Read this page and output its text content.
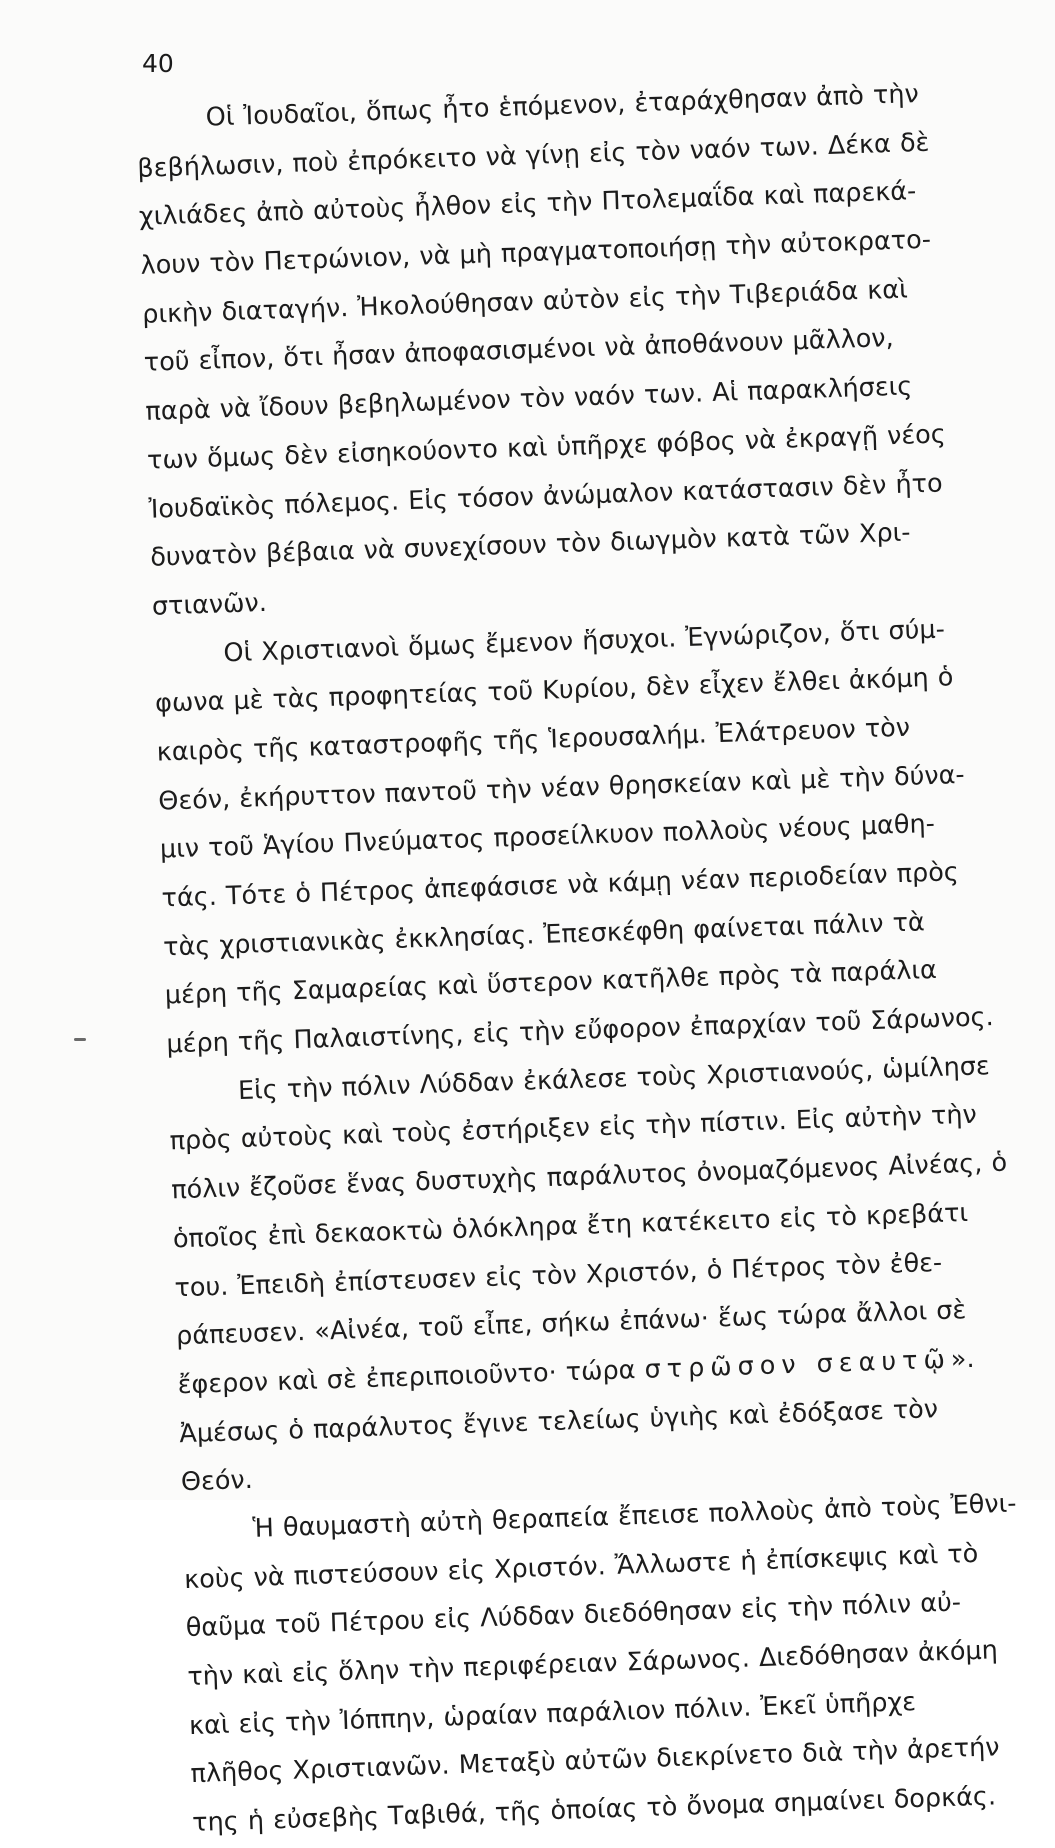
40
Οἱ Ἰουδαῖοι, ὅπως ἦτο ἑπόμενον, ἐταράχθησαν ἀπὸ τὴν
βεβήλωσιν, ποὺ ἐπρόκειτο νὰ γίνῃ εἰς τὸν ναόν των. Δέκα δὲ
χιλιάδες ἀπὸ αὐτοὺς ἦλθον εἰς τὴν Πτολεμαΐδα καὶ παρεκά-
λουν τὸν Πετρώνιον, νὰ μὴ πραγματοποιήσῃ τὴν αὐτοκρατο-
ρικὴν διαταγήν. Ἠκολούθησαν αὐτὸν εἰς τὴν Τιβεριάδα καὶ
τοῦ εἶπον, ὅτι ἦσαν ἀποφασισμένοι νὰ ἀποθάνουν μᾶλλον,
παρὰ νὰ ἴδουν βεβηλωμένον τὸν ναόν των. Αἱ παρακλήσεις
των ὅμως δὲν εἰσηκούοντο καὶ ὑπῆρχε φόβος νὰ ἐκραγῇ νέος
Ἰουδαϊκὸς πόλεμος. Εἰς τόσον ἀνώμαλον κατάστασιν δὲν ἦτο
δυνατὸν βέβαια νὰ συνεχίσουν τὸν διωγμὸν κατὰ τῶν Χρι-
στιανῶν.
Οἱ Χριστιανοὶ ὅμως ἔμενον ἥσυχοι. Ἐγνώριζον, ὅτι σύμ-
φωνα μὲ τὰς προφητείας τοῦ Κυρίου, δὲν εἶχεν ἔλθει ἀκόμη ὁ
καιρὸς τῆς καταστροφῆς τῆς Ἱερουσαλήμ. Ἐλάτρευον τὸν
Θεόν, ἐκήρυττον παντοῦ τὴν νέαν θρησκείαν καὶ μὲ τὴν δύνα-
μιν τοῦ Ἁγίου Πνεύματος προσείλκυον πολλοὺς νέους μαθη-
τάς. Τότε ὁ Πέτρος ἀπεφάσισε νὰ κάμῃ νέαν περιοδείαν πρὸς
τὰς χριστιανικὰς ἐκκλησίας. Ἐπεσκέφθη φαίνεται πάλιν τὰ
μέρη τῆς Σαμαρείας καὶ ὕστερον κατῆλθε πρὸς τὰ παράλια
μέρη τῆς Παλαιστίνης, εἰς τὴν εὔφορον ἐπαρχίαν τοῦ Σάρωνος.
Εἰς τὴν πόλιν Λύδδαν ἐκάλεσε τοὺς Χριστιανούς, ὡμίλησε
πρὸς αὐτοὺς καὶ τοὺς ἐστήριξεν εἰς τὴν πίστιν. Εἰς αὐτὴν τὴν
πόλιν ἔζοῦσε ἕνας δυστυχὴς παράλυτος ὀνομαζόμενος Αἰνέας, ὁ
ὁποῖος ἐπὶ δεκαοκτὼ ὁλόκληρα ἔτη κατέκειτο εἰς τὸ κρεβάτι
του. Ἐπειδὴ ἐπίστευσεν εἰς τὸν Χριστόν, ὁ Πέτρος τὸν ἐθε-
ράπευσεν. «Αἰνέα, τοῦ εἶπε, σήκω ἐπάνω· ἕως τώρα ἄλλοι σὲ
ἔφερον καὶ σὲ ἐπεριποιοῦντο· τώρα στρῶσον σεαυτῷ».
Ἀμέσως ὁ παράλυτος ἔγινε τελείως ὑγιὴς καὶ ἐδόξασε τὸν
Θεόν.
Ἡ θαυμαστὴ αὐτὴ θεραπεία ἔπεισε πολλοὺς ἀπὸ τοὺς Ἐθνι-
κοὺς νὰ πιστεύσουν εἰς Χριστόν. Ἄλλωστε ἡ ἐπίσκεψις καὶ τὸ
θαῦμα τοῦ Πέτρου εἰς Λύδδαν διεδόθησαν εἰς τὴν πόλιν αὐ-
τὴν καὶ εἰς ὅλην τὴν περιφέρειαν Σάρωνος. Διεδόθησαν ἀκόμη
καὶ εἰς τὴν Ἰόππην, ὡραίαν παράλιον πόλιν. Ἐκεῖ ὑπῆρχε
πλῆθος Χριστιανῶν. Μεταξὺ αὐτῶν διεκρίνετο διὰ τὴν ἀρετήν
της ἡ εὐσεβὴς Ταβιθά, τῆς ὁποίας τὸ ὄνομα σημαίνει δορκάς.
